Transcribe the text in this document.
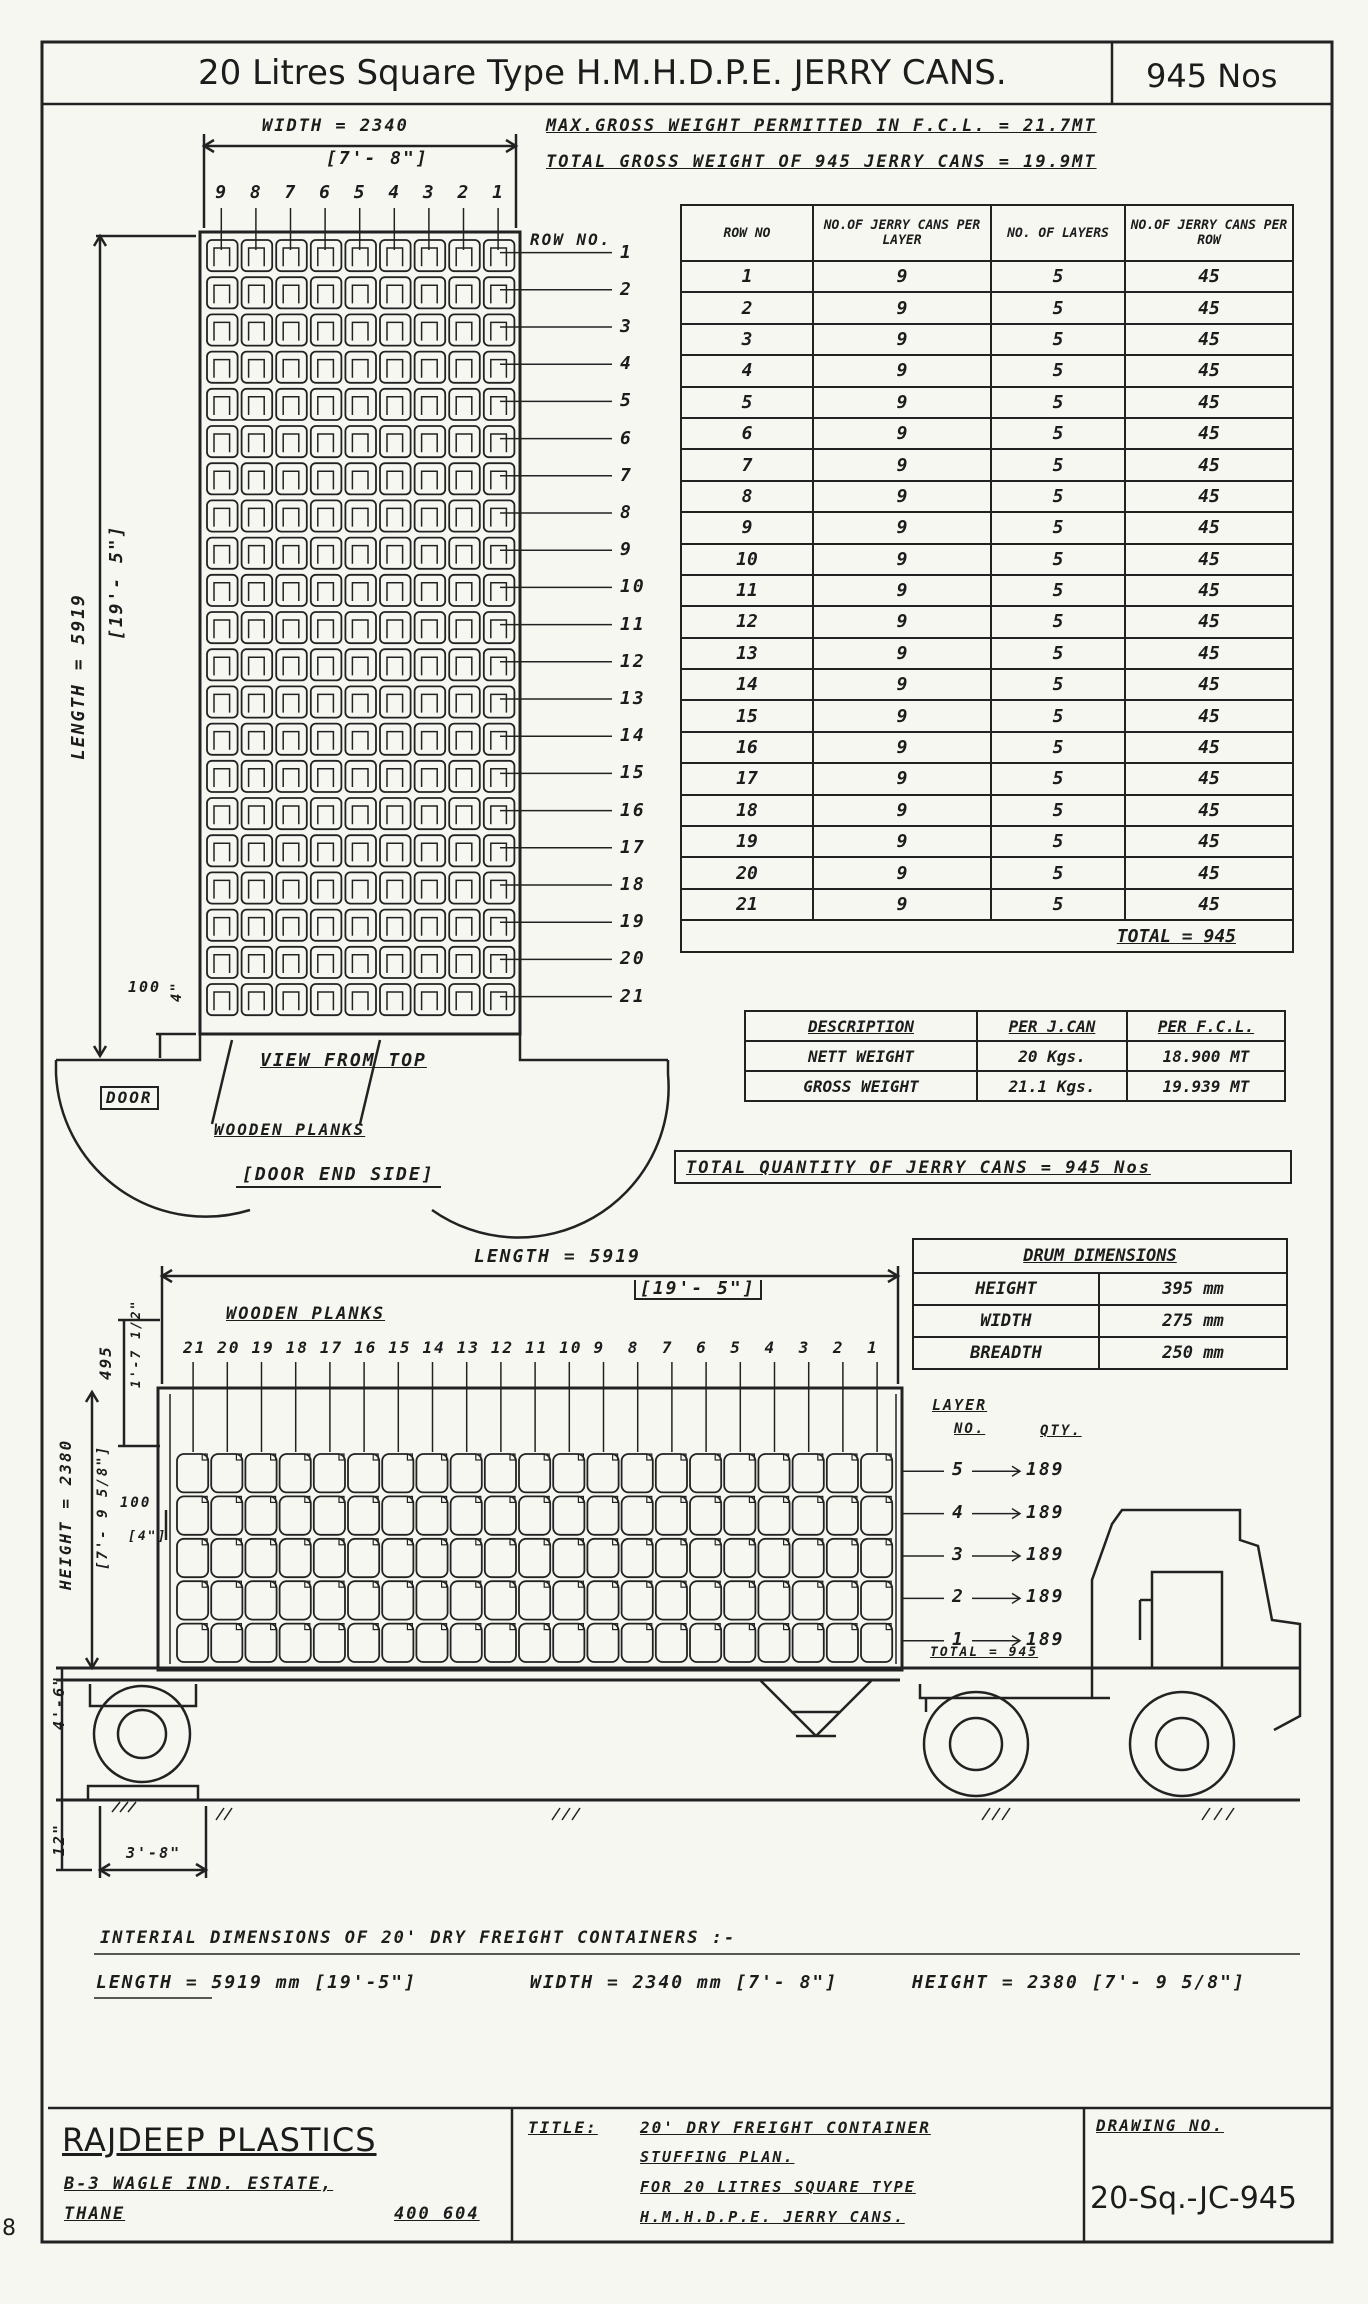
20 Litres Square Type H.M.H.D.P.E. JERRY CANS.	945 Nos
WIDTH = 2340
[7'- 8"]
ROW NO.
LENGTH = 5919
[19'- 5"]
100 4"
VIEW FROM TOP
DOOR
WOODEN PLANKS
[DOOR END SIDE]
MAX.GROSS WEIGHT PERMITTED IN F.C.L. = 21.7MT
TOTAL GROSS WEIGHT OF 945 JERRY CANS = 19.9MT
ROW NO	NO.OF JERRY CANS PER LAYER	NO. OF LAYERS	NO.OF JERRY CANS PER ROW
1	9	5	45
2	9	5	45
3	9	5	45
4	9	5	45
5	9	5	45
6	9	5	45
7	9	5	45
8	9	5	45
9	9	5	45
10	9	5	45
11	9	5	45
12	9	5	45
13	9	5	45
14	9	5	45
15	9	5	45
16	9	5	45
17	9	5	45
18	9	5	45
19	9	5	45
20	9	5	45
21	9	5	45
TOTAL = 945			
DESCRIPTION	PER J.CAN	PER F.C.L.
NETT WEIGHT	20 Kgs.	18.900 MT
GROSS WEIGHT	21.1 Kgs.	19.939 MT
TOTAL QUANTITY OF JERRY CANS = 945 Nos
DRUM DIMENSIONS	
HEIGHT	395 mm
WIDTH	275 mm
BREADTH	250 mm
LENGTH = 5919
[19'- 5"]
WOODEN PLANKS
495 1'-7 1/2"
HEIGHT = 2380 [7'- 9 5/8"] 100
[4"]
LAYER
NO.	QTY.
TOTAL = 945
4'-6"
12"	3'-8"
INTERIAL DIMENSIONS OF 20' DRY FREIGHT CONTAINERS :-
LENGTH = 5919 mm [19'-5"]	WIDTH = 2340 mm [7'- 8"]	HEIGHT = 2380 [7'- 9 5/8"]
RAJDEEP PLASTICS
B-3 WAGLE IND. ESTATE,
THANE	400 604
TITLE:	20' DRY FREIGHT CONTAINER
STUFFING PLAN.
FOR 20 LITRES SQUARE TYPE
H.M.H.D.P.E. JERRY CANS.
DRAWING NO.
20-Sq.-JC-945
8
9 8 7 6 5 4 3 2 1
1
2
3
4
5
6
7
8
9
10
11
12
13
14
15
16
17
18
19
20
21
21 20 19 18 17 16 15 14 13 12 11 10 9 8 7 6 5 4 3 2 1
5	189
4	189
3	189
2	189
1	189
